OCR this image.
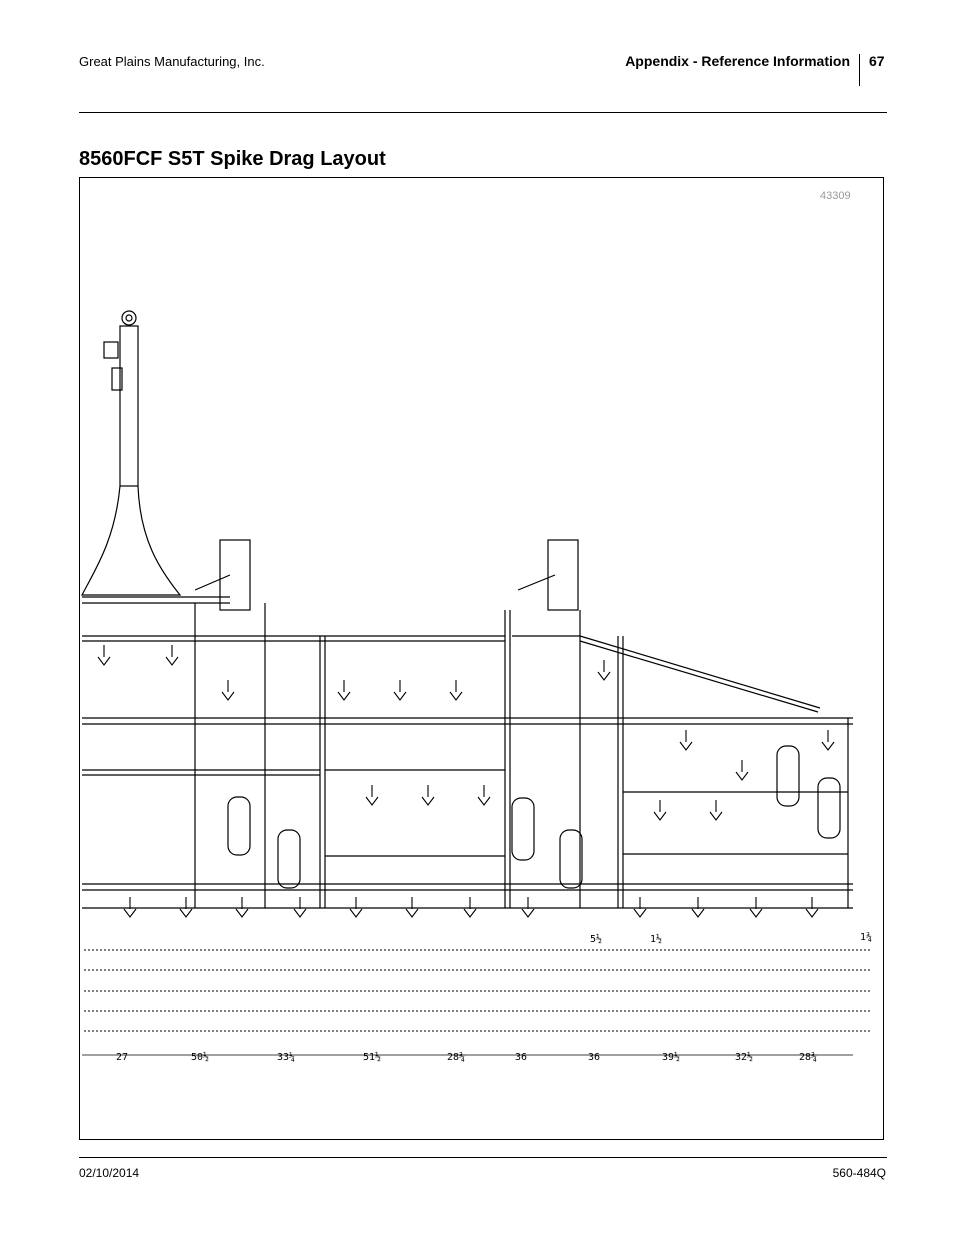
Great Plains Manufacturing, Inc.	Appendix - Reference Information 67
8560FCF S5T Spike Drag Layout
43309
27	50½	33¼	51½	28¾	36	36	39½	32½	28¾
5½	1½	1¾
02/10/2014	560-484Q
